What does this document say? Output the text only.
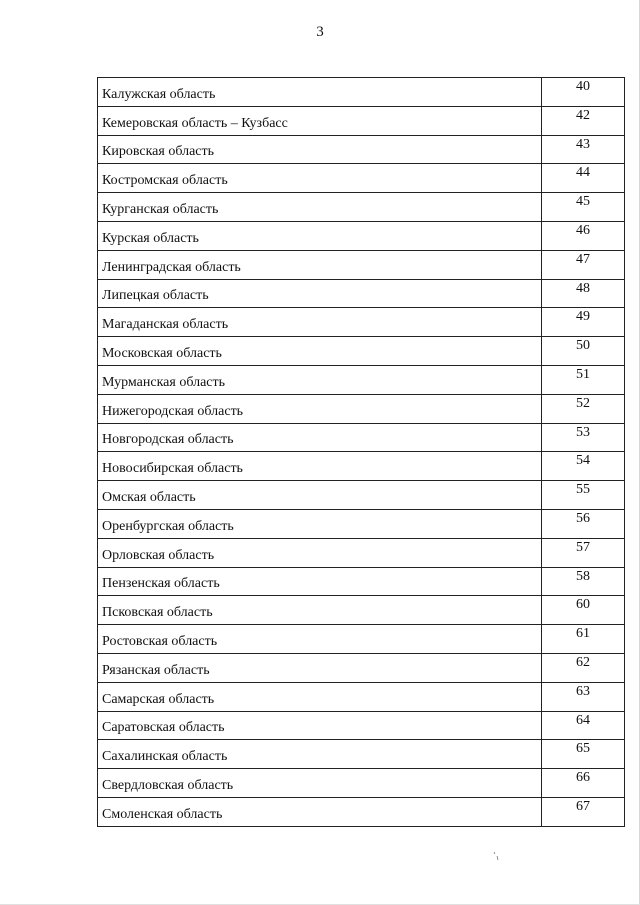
3
Калужская область	40

Кемеровская область – Кузбасс	42

Кировская область	43

Костромская область	44

Курганская область	45

Курская область	46

Ленинградская область	47

Липецкая область	48

Магаданская область	49

Московская область	50

Мурманская область	51

Нижегородская область	52

Новгородская область	53

Новосибирская область	54

Омская область	55

Оренбургская область	56

Орловская область	57

Пензенская область	58

Псковская область	60

Ростовская область	61

Рязанская область	62

Самарская область	63

Саратовская область	64

Сахалинская область	65

Свердловская область	66

Смоленская область	67
